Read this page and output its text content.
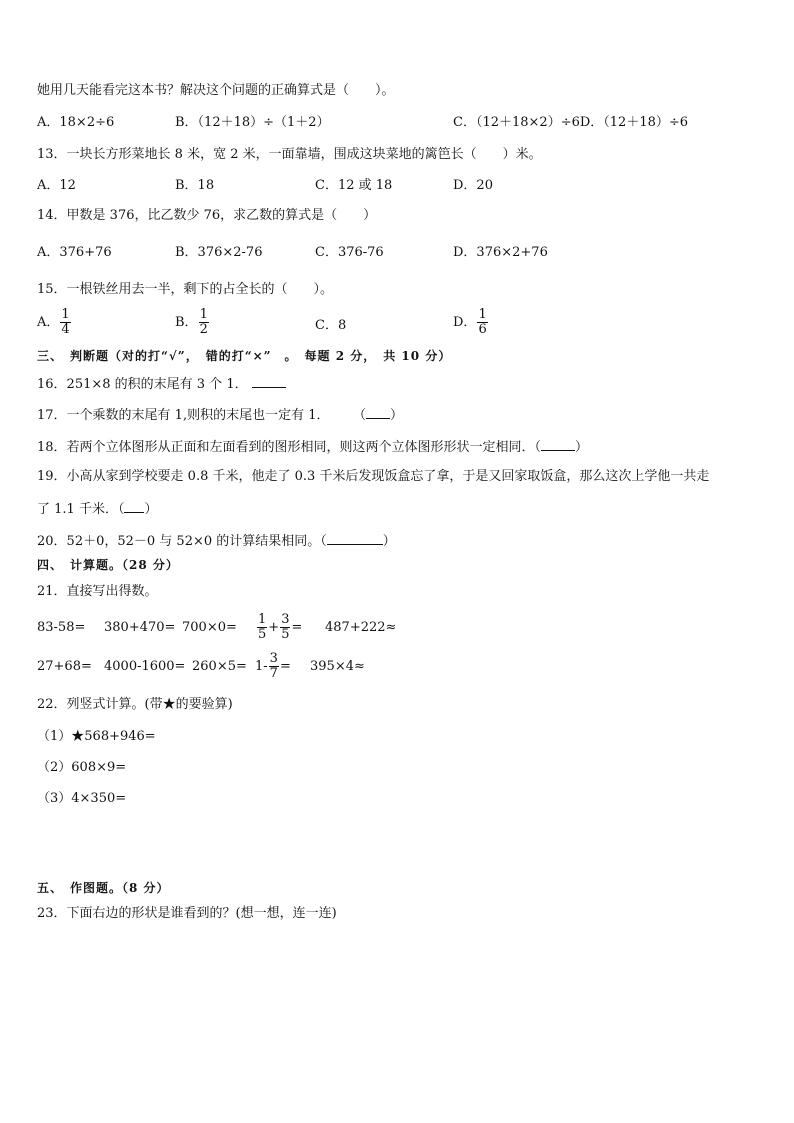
她用几天能看完这本书？解决这个问题的正确算式是（　　）。
A．18×2÷6	B．（12＋18）÷（1＋2）	C．（12＋18×2）÷6D．（12＋18）÷6
13．一块长方形菜地长 8 米，宽 2 米，一面靠墙，围成这块菜地的篱笆长（　　）米。
A．12	B．18	C．12 或 18	D．20
14．甲数是 376，比乙数少 76，求乙数的算式是（　　）
A．376+76	B．376×2-76	C．376-76	D．376×2+76
15．一根铁丝用去一半，剩下的占全长的（　　）。
A． $\frac{1}{4}$	B． $\frac{1}{2}$	C．8	D． $\frac{1}{6}$
三、　判断题（对的打“√”，　错的打“×”　。　每题 2 分，　共 10 分）
16．251×8 的积的末尾有 3 个 1．
17．一个乘数的末尾有 1,则积的末尾也一定有 1． （ ）
18．若两个立体图形从正面和左面看到的图形相同，则这两个立体图形形状一定相同．（	）
19．小高从家到学校要走 0.8 千米，他走了 0.3 千米后发现饭盒忘了拿，于是又回家取饭盒，那么这次上学他一共走
了 1.1 千米．（ ）
20．52＋0，52－0 与 52×0 的计算结果相同。（	）
四、　计算题。（28 分）
21．直接写出得数。
$83-58= 380+470= 700\times 0= \frac{1}{5} + \frac{3}{5} = 487+222\approx$
$27+68= 4000-1600= 260\times 5= 1- \frac{3}{7} = 395\times 4\approx$
22．列竖式计算。(带★的要验算)
（1）★568+946=
（2）608×9=
（3）4×350=
五、　作图题。（8 分）
23．下面右边的形状是谁看到的？(想一想，连一连)
